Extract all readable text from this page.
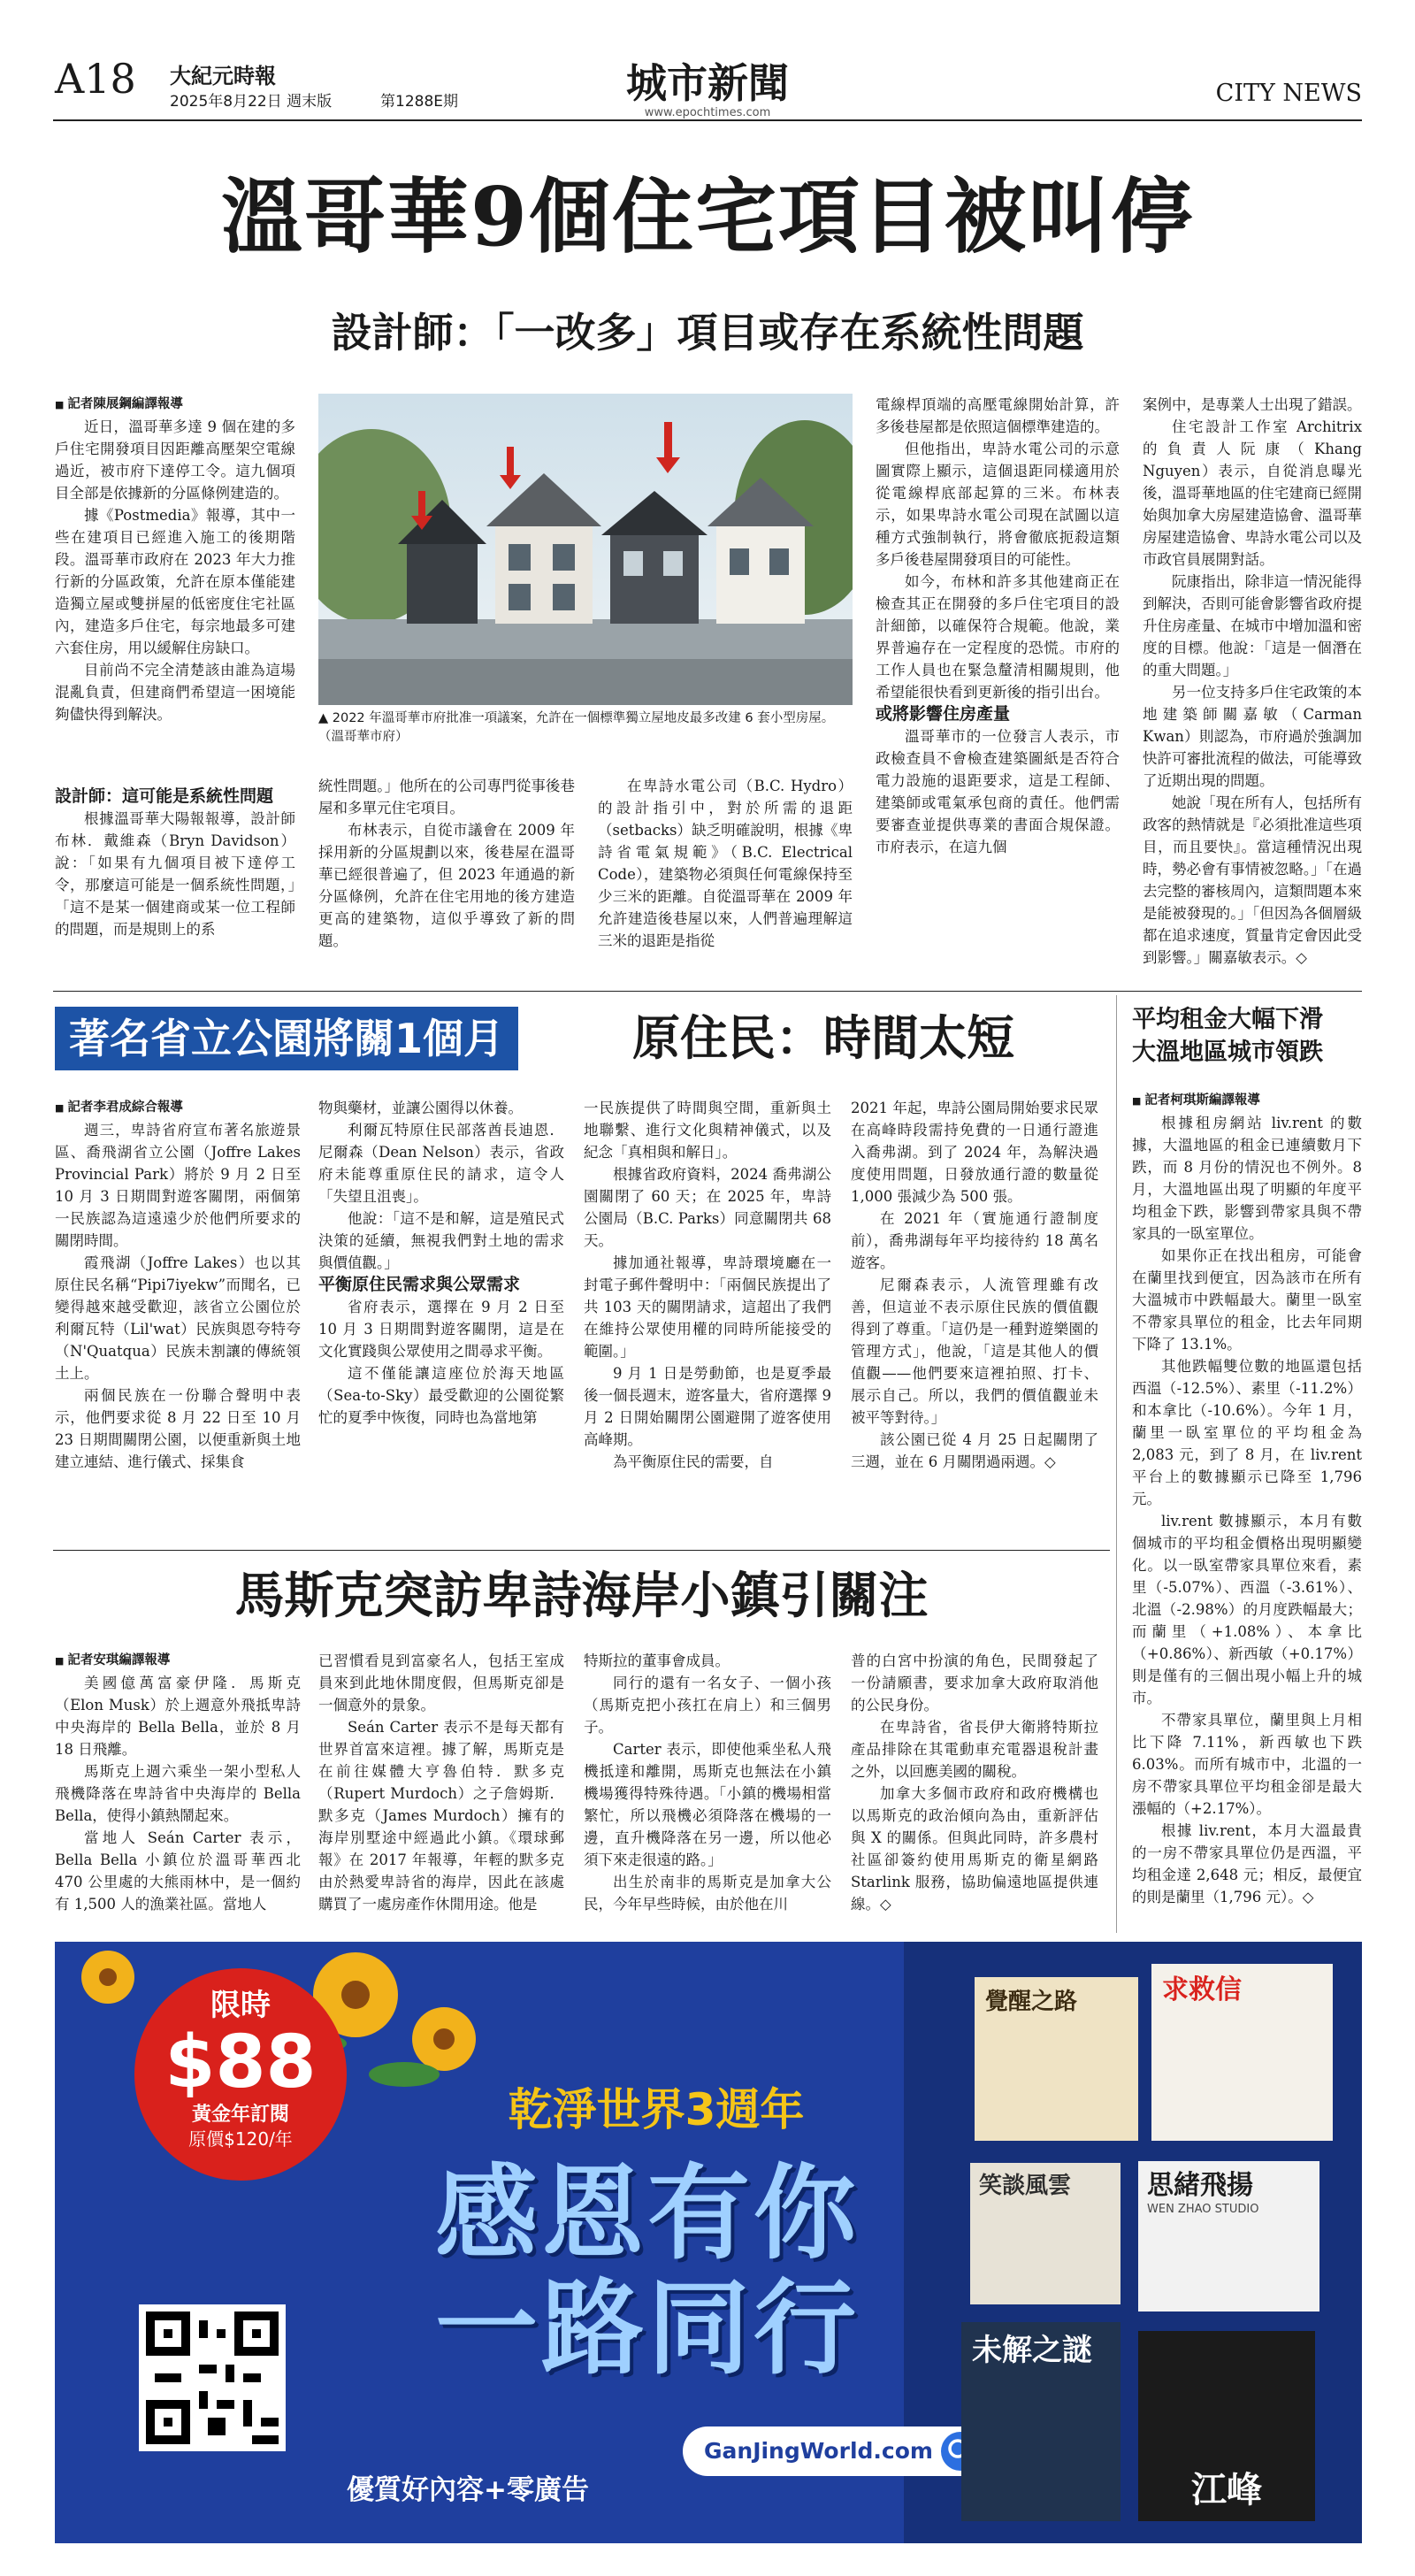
A18 大紀元時報
2025年8月22日 週末版	第1288E期	城市新聞
www.epochtimes.com
CITY NEWS
溫哥華9個住宅項目被叫停
設計師：「一改多」項目或存在系統性問題

■ 記者陳展鋼編譯報導

近日，溫哥華多達 9 個在建的多戶住宅開發項目因距離高壓架空電線過近，被市府下達停工令。這九個項目全部是依據新的分區條例建造的。

據《Postmedia》報導，其中一些在建項目已經進入施工的後期階段。溫哥華市政府在 2023 年大力推行新的分區政策，允許在原本僅能建造獨立屋或雙拼屋的低密度住宅社區內，建造多戶住宅，每宗地最多可建六套住房，用以緩解住房缺口。

目前尚不完全清楚該由誰為這場混亂負責，但建商們希望這一困境能夠儘快得到解決。	▲ 2022 年溫哥華市府批准一項議案，允許在一個標準獨立屋地皮最多改建 6 套小型房屋。（溫哥華市府）

設計師：這可能是系統性問題

根據溫哥華大陽報報導，設計師布林．戴維森（Bryn Davidson）說：「如果有九個項目被下達停工令，那麼這可能是一個系統性問題，」「這不是某一個建商或某一位工程師的問題，而是規則上的系

統性問題。」他所在的公司專門從事後巷屋和多單元住宅項目。

布林表示，自從市議會在 2009 年採用新的分區規劃以來，後巷屋在溫哥華已經很普遍了，但 2023 年通過的新分區條例，允許在住宅用地的後方建造更高的建築物，這似乎導致了新的問題。

在卑詩水電公司（B.C. Hydro）的設計指引中，對於所需的退距（setbacks）缺乏明確說明，根據《卑詩省電氣規範》（B.C. Electrical Code），建築物必須與任何電線保持至少三米的距離。自從溫哥華在 2009 年允許建造後巷屋以來，人們普遍理解這三米的退距是指從

電線桿頂端的高壓電線開始計算，許多後巷屋都是依照這個標準建造的。

但他指出，卑詩水電公司的示意圖實際上顯示，這個退距同樣適用於從電線桿底部起算的三米。布林表示，如果卑詩水電公司現在試圖以這種方式強制執行，將會徹底扼殺這類多戶後巷屋開發項目的可能性。

如今，布林和許多其他建商正在檢查其正在開發的多戶住宅項目的設計細節，以確保符合規範。他說，業界普遍存在一定程度的恐慌。市府的工作人員也在緊急釐清相關規則，他希望能很快看到更新後的指引出台。

或將影響住房產量

溫哥華市的一位發言人表示，市政檢查員不會檢查建築圖紙是否符合電力設施的退距要求，這是工程師、建築師或電氣承包商的責任。他們需要審查並提供專業的書面合規保證。市府表示，在這九個

案例中，是專業人士出現了錯誤。

住宅設計工作室 Architrix 的負責人阮康（Khang Nguyen）表示，自從消息曝光後，溫哥華地區的住宅建商已經開始與加拿大房屋建造協會、溫哥華房屋建造協會、卑詩水電公司以及市政官員展開對話。

阮康指出，除非這一情況能得到解決，否則可能會影響省政府提升住房產量、在城市中增加溫和密度的目標。他說：「這是一個潛在的重大問題。」

另一位支持多戶住宅政策的本地建築師關嘉敏（Carman Kwan）則認為，市府過於強調加快許可審批流程的做法，可能導致了近期出現的問題。

她說「現在所有人，包括所有政客的熱情就是『必須批准這些項目，而且要快』。當這種情況出現時，勢必會有事情被忽略。」「在過去完整的審核周內，這類問題本來是能被發現的。」「但因為各個層級都在追求速度，質量肯定會因此受到影響。」關嘉敏表示。◇

著名省立公園將關1個月	原住民：時間太短

■ 記者李君成綜合報導

週三，卑詩省府宣布著名旅遊景區、喬飛湖省立公園（Joffre Lakes Provincial Park）將於 9 月 2 日至 10 月 3 日期間對遊客關閉，兩個第一民族認為這遠遠少於他們所要求的關閉時間。

霞飛湖（Joffre Lakes）也以其原住民名稱“Pipi7iyekw”而聞名，已變得越來越受歡迎，該省立公園位於利爾瓦特（Lil'wat）民族與恩夸特夸（N'Quatqua）民族未割讓的傳統領土上。

兩個民族在一份聯合聲明中表示，他們要求從 8 月 22 日至 10 月 23 日期間關閉公園，以便重新與土地建立連結、進行儀式、採集食

物與藥材，並讓公園得以休養。

利爾瓦特原住民部落酋長迪恩．尼爾森（Dean Nelson）表示，省政府未能尊重原住民的請求，這令人「失望且沮喪」。

他說：「這不是和解，這是殖民式決策的延續，無視我們對土地的需求與價值觀。」

平衡原住民需求與公眾需求

省府表示，選擇在 9 月 2 日至 10 月 3 日期間對遊客關閉，這是在文化實踐與公眾使用之間尋求平衡。

這不僅能讓這座位於海天地區（Sea-to-Sky）最受歡迎的公園從繁忙的夏季中恢復，同時也為當地第

一民族提供了時間與空間，重新與土地聯繫、進行文化與精神儀式，以及紀念「真相與和解日」。

根據省政府資料，2024 喬弗湖公園關閉了 60 天；在 2025 年，卑詩公園局（B.C. Parks）同意關閉共 68 天。

據加通社報導，卑詩環境廳在一封電子郵件聲明中：「兩個民族提出了共 103 天的關閉請求，這超出了我們在維持公眾使用權的同時所能接受的範圍。」

9 月 1 日是勞動節，也是夏季最後一個長週末，遊客量大，省府選擇 9 月 2 日開始關閉公園避開了遊客使用高峰期。

為平衡原住民的需要，自

2021 年起，卑詩公園局開始要求民眾在高峰時段需持免費的一日通行證進入喬弗湖。到了 2024 年，為解決過度使用問題，日發放通行證的數量從 1,000 張減少為 500 張。

在 2021 年（實施通行證制度前），喬弗湖每年平均接待約 18 萬名遊客。

尼爾森表示，人流管理雖有改善，但這並不表示原住民族的價值觀得到了尊重。「這仍是一種對遊樂園的管理方式」，他說，「這是其他人的價值觀——他們要來這裡拍照、打卡、展示自己。所以，我們的價值觀並未被平等對待。」

該公園已從 4 月 25 日起關閉了三週，並在 6 月關閉過兩週。◇

平均租金大幅下滑
大溫地區城市領跌

■ 記者柯琪斯編譯報導

根據租房網站 liv.rent 的數據，大溫地區的租金已連續數月下跌，而 8 月份的情況也不例外。8 月，大溫地區出現了明顯的年度平均租金下跌，影響到帶家具與不帶家具的一臥室單位。

如果你正在找出租房，可能會在蘭里找到便宜，因為該市在所有大溫城市中跌幅最大。蘭里一臥室不帶家具單位的租金，比去年同期下降了 13.1%。

其他跌幅雙位數的地區還包括西溫（-12.5%）、素里（-11.2%）和本拿比（-10.6%）。今年 1 月，蘭里一臥室單位的平均租金為 2,083 元，到了 8 月，在 liv.rent 平台上的數據顯示已降至 1,796 元。

liv.rent 數據顯示，本月有數個城市的平均租金價格出現明顯變化。以一臥室帶家具單位來看，素里（-5.07%）、西溫（-3.61%）、北溫（-2.98%）的月度跌幅最大；而蘭里（+1.08%）、本拿比（+0.86%）、新西敏（+0.17%）則是僅有的三個出現小幅上升的城市。

不帶家具單位，蘭里與上月相比下降 7.11%，新西敏也下跌 6.03%。而所有城市中，北溫的一房不帶家具單位平均租金卻是最大漲幅的（+2.17%）。

根據 liv.rent，本月大溫最貴的一房不帶家具單位仍是西溫，平均租金達 2,648 元；相反，最便宜的則是蘭里（1,796 元）。◇

馬斯克突訪卑詩海岸小鎮引關注

■ 記者安琪編譯報導

美國億萬富豪伊隆．馬斯克（Elon Musk）於上週意外飛抵卑詩中央海岸的 Bella Bella，並於 8 月 18 日飛離。

馬斯克上週六乘坐一架小型私人飛機降落在卑詩省中央海岸的 Bella Bella，使得小鎮熱鬧起來。

當地人 Seán Carter 表示，Bella Bella 小鎮位於溫哥華西北 470 公里處的大熊雨林中，是一個約有 1,500 人的漁業社區。當地人

已習慣看見到富豪名人，包括王室成員來到此地休閒度假，但馬斯克卻是一個意外的景象。

Seán Carter 表示不是每天都有世界首富來這裡。據了解，馬斯克是在前往媒體大亨魯伯特．默多克（Rupert Murdoch）之子詹姆斯．默多克（James Murdoch）擁有的海岸別墅途中經過此小鎮。《環球郵報》在 2017 年報導，年輕的默多克由於熱愛卑詩省的海岸，因此在該處購買了一處房產作休閒用途。他是

特斯拉的董事會成員。

同行的還有一名女子、一個小孩（馬斯克把小孩扛在肩上）和三個男子。

Carter 表示，即使他乘坐私人飛機抵達和離開，馬斯克也無法在小鎮機場獲得特殊待遇。「小鎮的機場相當繁忙，所以飛機必須降落在機場的一邊，直升機降落在另一邊，所以他必須下來走很遠的路。」

出生於南非的馬斯克是加拿大公民，今年早些時候，由於他在川

普的白宮中扮演的角色，民間發起了一份請願書，要求加拿大政府取消他的公民身份。

在卑詩省，省長伊大衛將特斯拉產品排除在其電動車充電器退稅計畫之外，以回應美國的關稅。

加拿大多個市政府和政府機構也以馬斯克的政治傾向為由，重新評估與 X 的關係。但與此同時，許多農村社區卻簽約使用馬斯克的衛星網路 Starlink 服務，協助偏遠地區提供連線。◇

限時
$88
黃金年訂閱
原價$120/年
乾淨世界3週年
感恩有你
一路同行
優質好內容+零廣告
GanJingWorld.com
覺醒之路	求救信
笑談風雲	思緒飛揚
WEN ZHAO STUDIO
未解之謎
江峰
